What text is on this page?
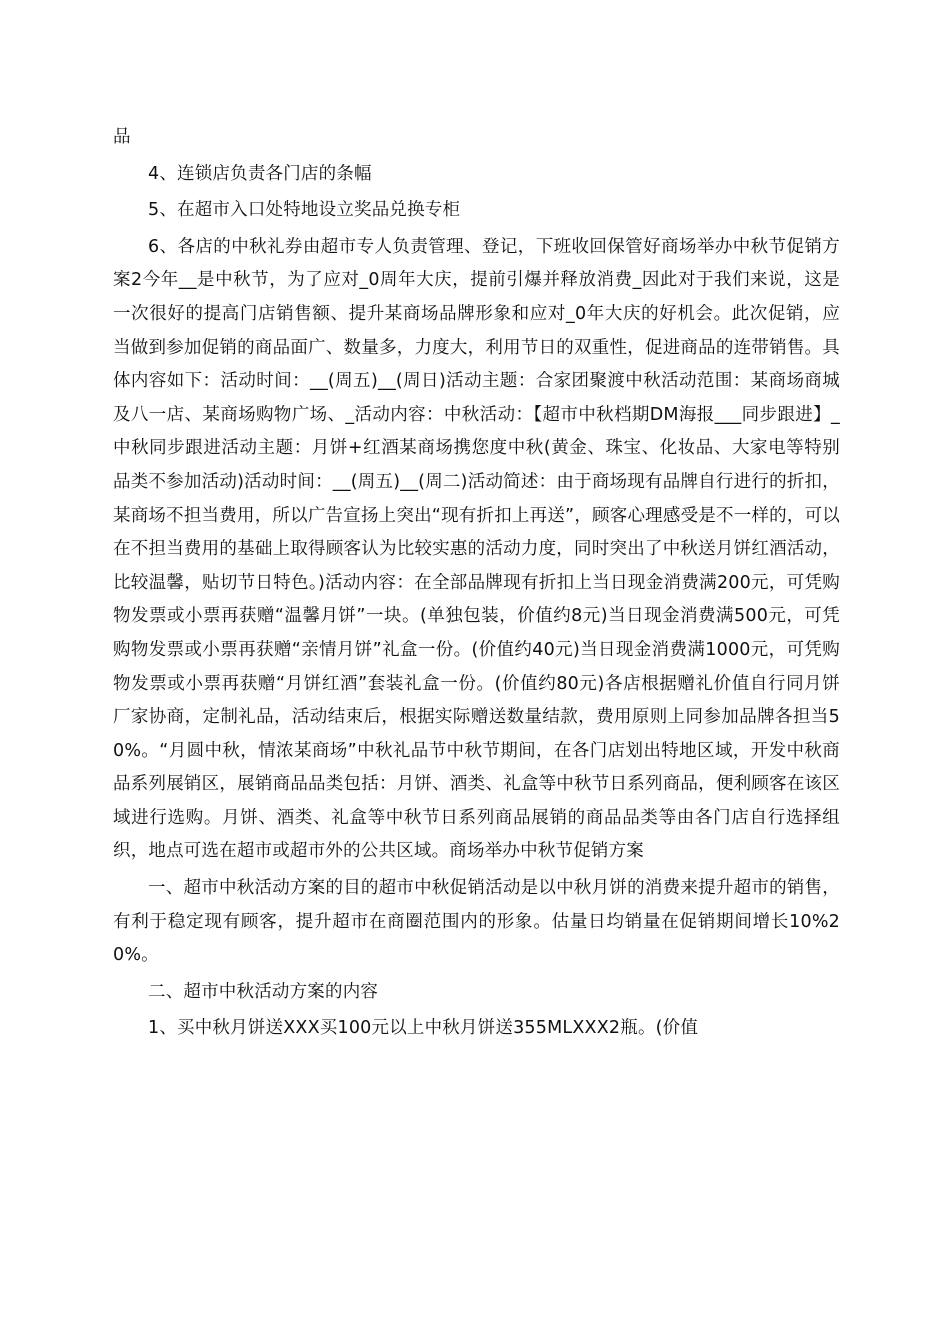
品

4、连锁店负责各门店的条幅

5、在超市入口处特地设立奖品兑换专柜

6、各店的中秋礼券由超市专人负责管理、登记，下班收回保管好商场举办中秋节促销方案2今年__是中秋节，为了应对_0周年大庆，提前引爆并释放消费_因此对于我们来说，这是一次很好的提高门店销售额、提升某商场品牌形象和应对_0年大庆的好机会。此次促销，应当做到参加促销的商品面广、数量多，力度大，利用节日的双重性，促进商品的连带销售。具体内容如下：活动时间：__(周五)__(周日)活动主题：合家团聚渡中秋活动范围：某商场商城及八一店、某商场购物广场、_活动内容：中秋活动：【超市中秋档期DM海报___同步跟进】_中秋同步跟进活动主题：月饼+红酒某商场携您度中秋(黄金、珠宝、化妆品、大家电等特别品类不参加活动)活动时间：__(周五)__(周二)活动简述：由于商场现有品牌自行进行的折扣，某商场不担当费用，所以广告宣扬上突出“现有折扣上再送”，顾客心理感受是不一样的，可以在不担当费用的基础上取得顾客认为比较实惠的活动力度，同时突出了中秋送月饼红酒活动，比较温馨，贴切节日特色。)活动内容：在全部品牌现有折扣上当日现金消费满200元，可凭购物发票或小票再获赠“温馨月饼”一块。(单独包装，价值约8元)当日现金消费满500元，可凭购物发票或小票再获赠“亲情月饼”礼盒一份。(价值约40元)当日现金消费满1000元，可凭购物发票或小票再获赠“月饼红酒”套装礼盒一份。(价值约80元)各店根据赠礼价值自行同月饼厂家协商，定制礼品，活动结束后，根据实际赠送数量结款，费用原则上同参加品牌各担当50%。“月圆中秋，情浓某商场”中秋礼品节中秋节期间，在各门店划出特地区域，开发中秋商品系列展销区，展销商品品类包括：月饼、酒类、礼盒等中秋节日系列商品，便利顾客在该区域进行选购。月饼、酒类、礼盒等中秋节日系列商品展销的商品品类等由各门店自行选择组织，地点可选在超市或超市外的公共区域。商场举办中秋节促销方案

一、超市中秋活动方案的目的超市中秋促销活动是以中秋月饼的消费来提升超市的销售，有利于稳定现有顾客，提升超市在商圈范围内的形象。估量日均销量在促销期间增长10%20%。

二、超市中秋活动方案的内容

1、买中秋月饼送XXX买100元以上中秋月饼送355MLXXX2瓶。(价值
